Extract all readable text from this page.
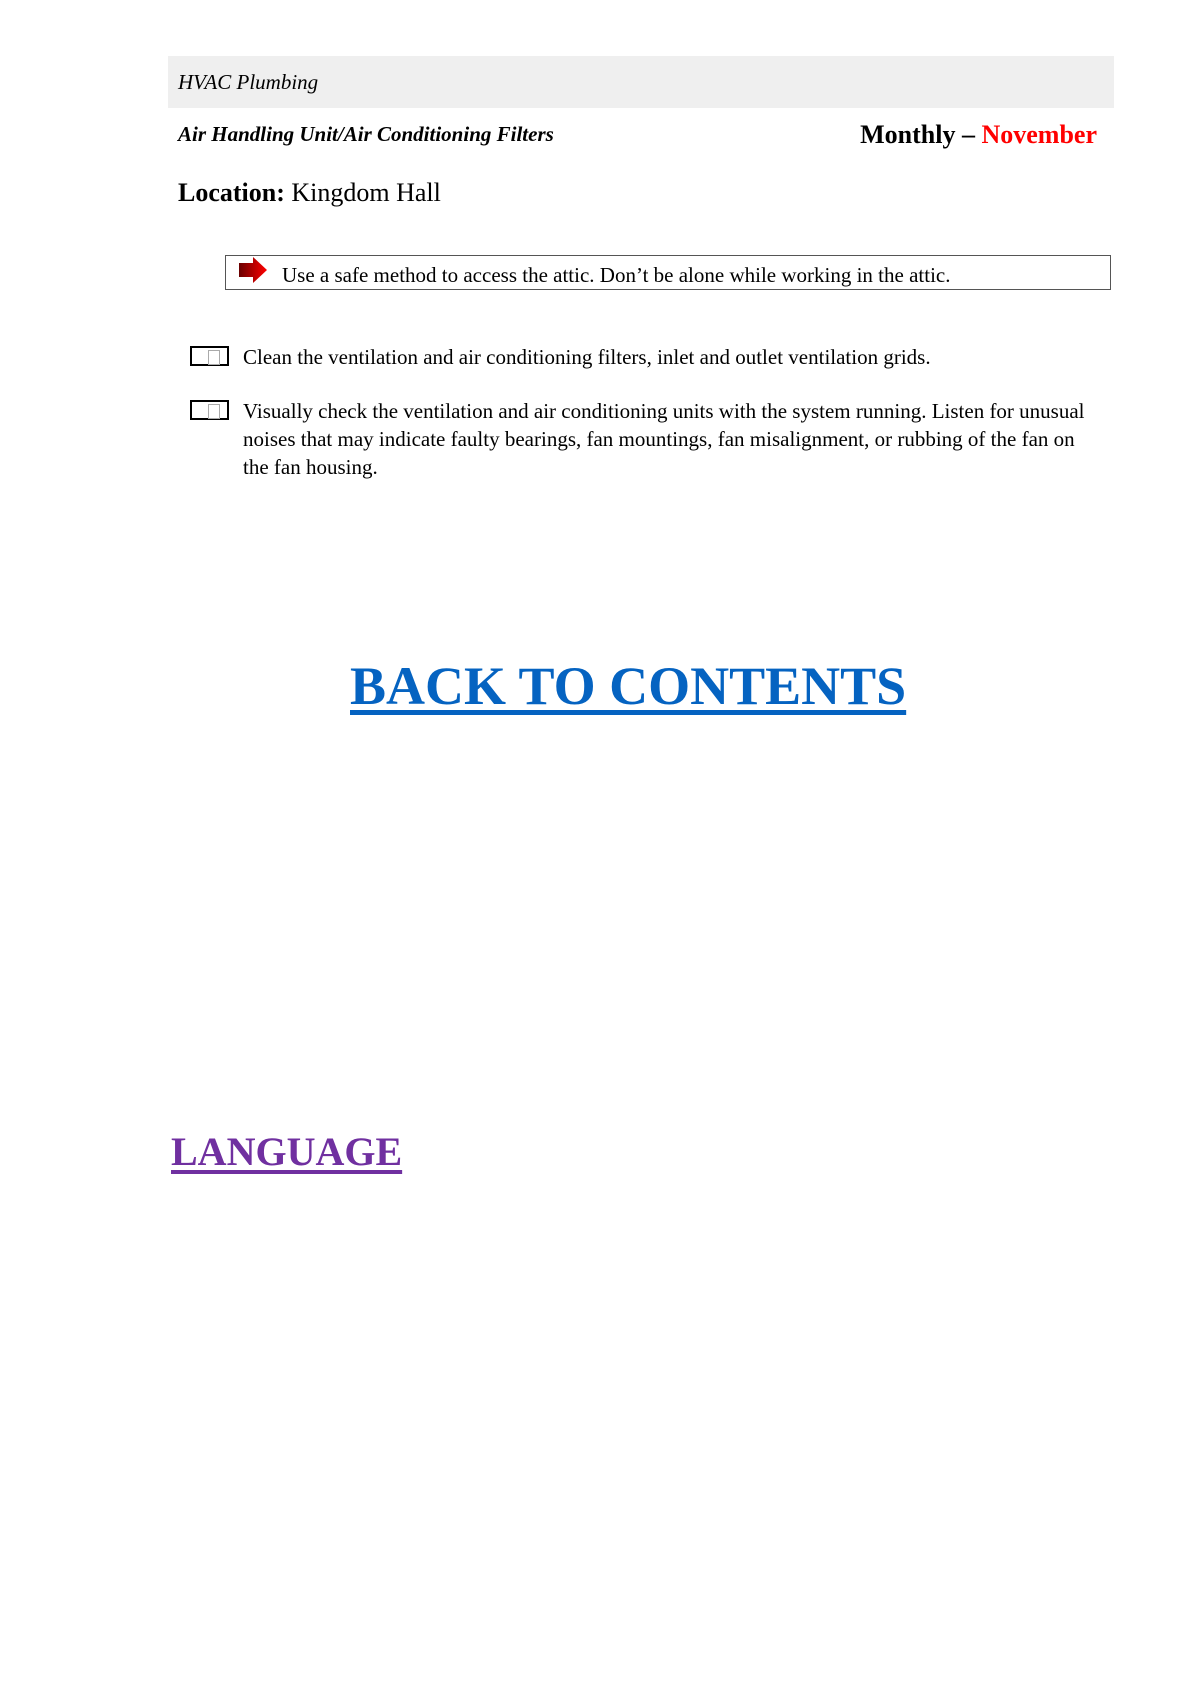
HVAC Plumbing
Air Handling Unit/Air Conditioning Filters	Monthly – November
Location: Kingdom Hall
Use a safe method to access the attic. Don’t be alone while working in the attic.
Clean the ventilation and air conditioning filters, inlet and outlet ventilation grids.
Visually check the ventilation and air conditioning units with the system running. Listen for unusual noises that may indicate faulty bearings, fan mountings, fan misalignment, or rubbing of the fan on the fan housing.
BACK TO CONTENTS
LANGUAGE
